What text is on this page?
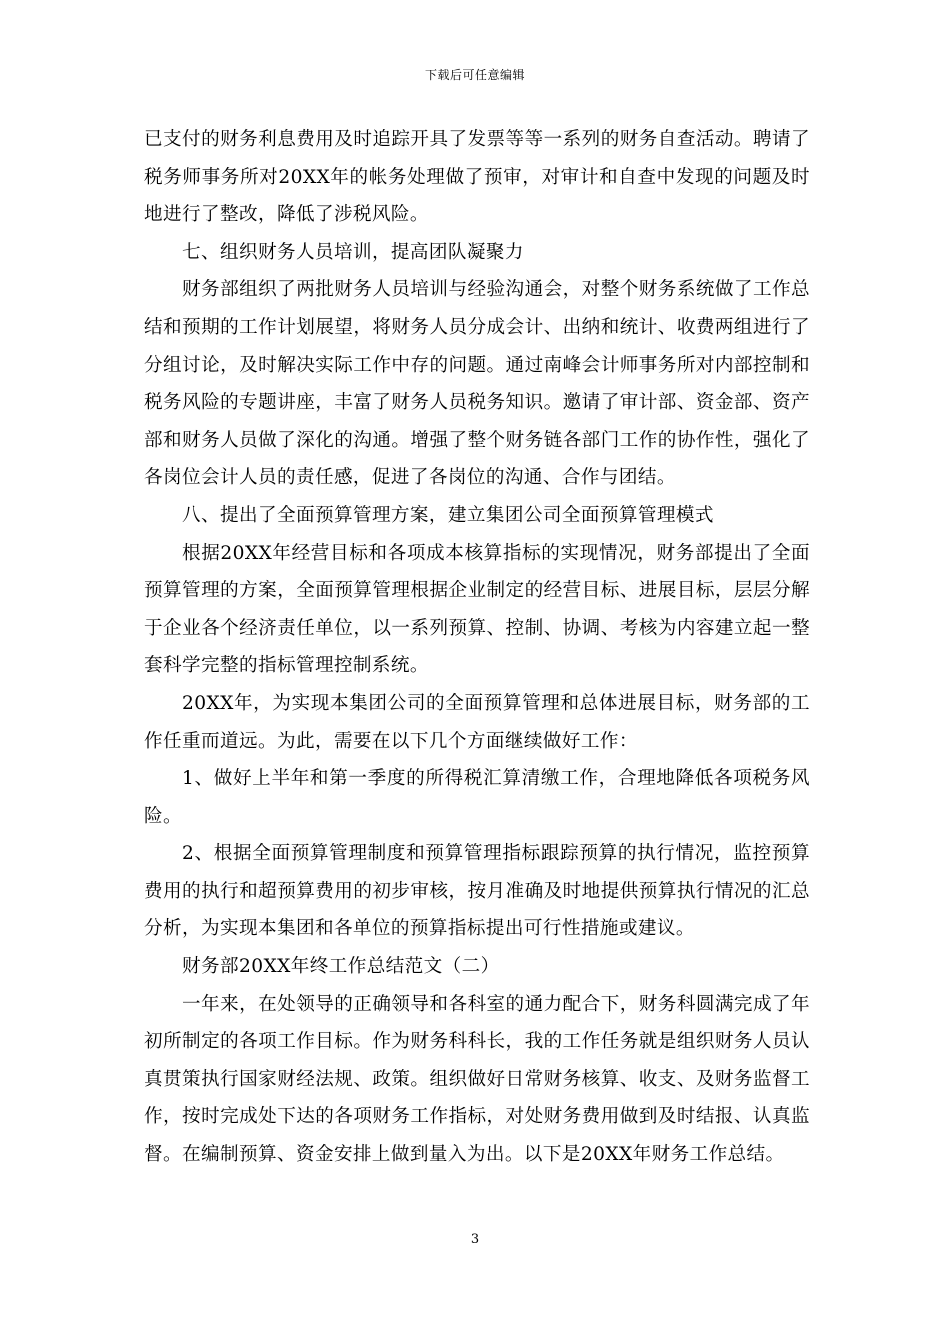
下载后可任意编辑

已支付的财务利息费用及时追踪开具了发票等等一系列的财务自查活动。聘请了税务师事务所对20XX年的帐务处理做了预审，对审计和自查中发现的问题及时地进行了整改，降低了涉税风险。

七、组织财务人员培训，提高团队凝聚力

财务部组织了两批财务人员培训与经验沟通会，对整个财务系统做了工作总结和预期的工作计划展望，将财务人员分成会计、出纳和统计、收费两组进行了分组讨论，及时解决实际工作中存的问题。通过南峰会计师事务所对内部控制和税务风险的专题讲座，丰富了财务人员税务知识。邀请了审计部、资金部、资产部和财务人员做了深化的沟通。增强了整个财务链各部门工作的协作性，强化了各岗位会计人员的责任感，促进了各岗位的沟通、合作与团结。

八、提出了全面预算管理方案，建立集团公司全面预算管理模式

根据20XX年经营目标和各项成本核算指标的实现情况，财务部提出了全面预算管理的方案，全面预算管理根据企业制定的经营目标、进展目标，层层分解于企业各个经济责任单位，以一系列预算、控制、协调、考核为内容建立起一整套科学完整的指标管理控制系统。

20XX年，为实现本集团公司的全面预算管理和总体进展目标，财务部的工作任重而道远。为此，需要在以下几个方面继续做好工作：

1、做好上半年和第一季度的所得税汇算清缴工作，合理地降低各项税务风险。

2、根据全面预算管理制度和预算管理指标跟踪预算的执行情况，监控预算费用的执行和超预算费用的初步审核，按月准确及时地提供预算执行情况的汇总分析，为实现本集团和各单位的预算指标提出可行性措施或建议。

财务部20XX年终工作总结范文（二）

一年来，在处领导的正确领导和各科室的通力配合下，财务科圆满完成了年初所制定的各项工作目标。作为财务科科长，我的工作任务就是组织财务人员认真贯策执行国家财经法规、政策。组织做好日常财务核算、收支、及财务监督工作，按时完成处下达的各项财务工作指标，对处财务费用做到及时结报、认真监督。在编制预算、资金安排上做到量入为出。以下是20XX年财务工作总结。

3
